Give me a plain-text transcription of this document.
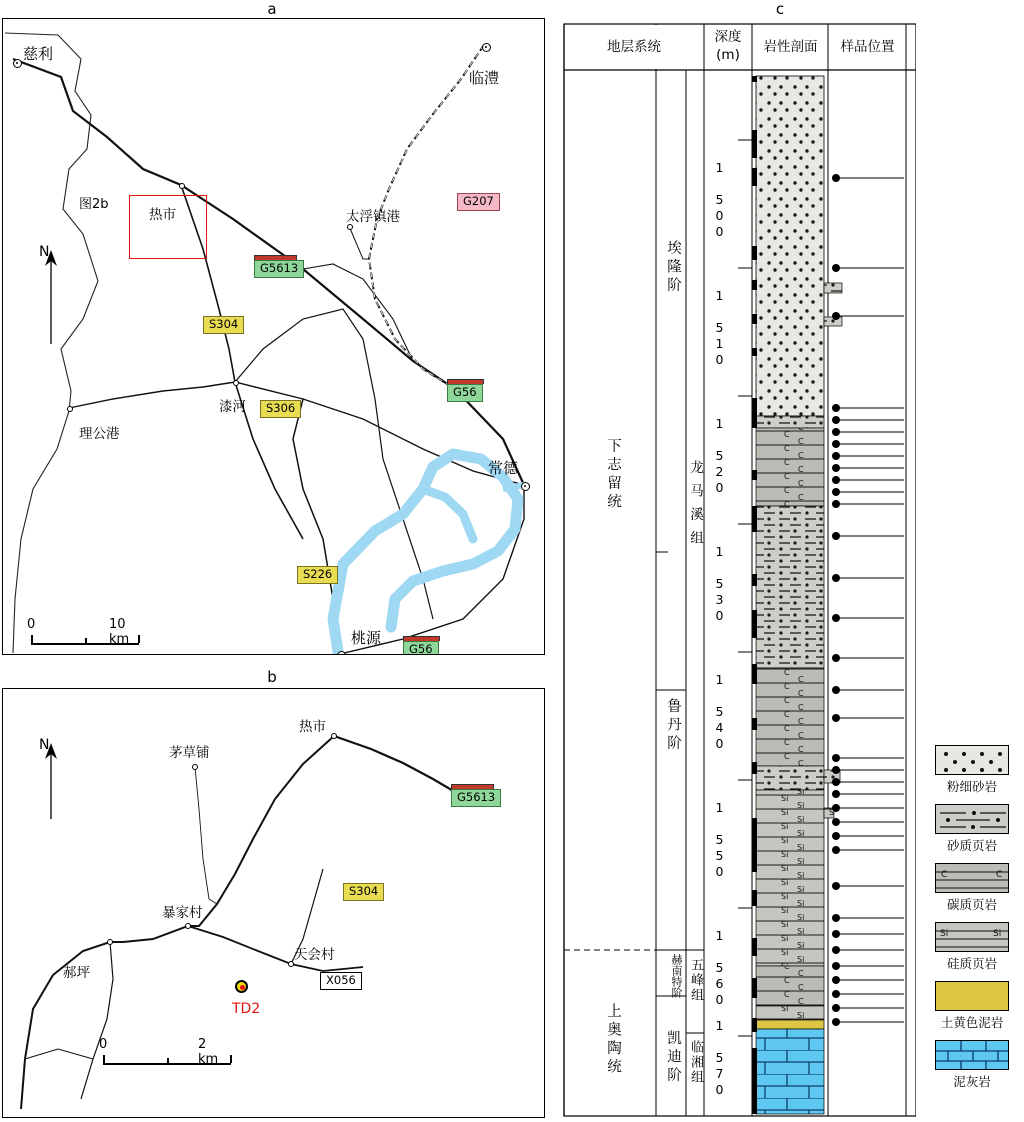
a
b
c
图2b
N
0	10 km
慈利
临澧
热市	太浮镇港
漆河
理公港
常德
桃源
G5613
G207
S304
S306
G56
S226
G56
N
0	2 km
茅草铺
热市
暴家村
郝坪
天会村
G5613
S304
X056
TD2
地层系统
深度
(m)	岩性剖面	样品位置
下志留统
上奥陶统
埃隆阶
鲁丹阶
赫南特阶
凯迪阶
龙马溪组
五峰组
临湘组
1 500
1 510
1 520
1 530
1 540
1 550
1 560
1 570
粉细砂岩
砂质页岩
C	C
碳质页岩
Si	Si
硅质页岩
土黄色泥岩
泥灰岩
